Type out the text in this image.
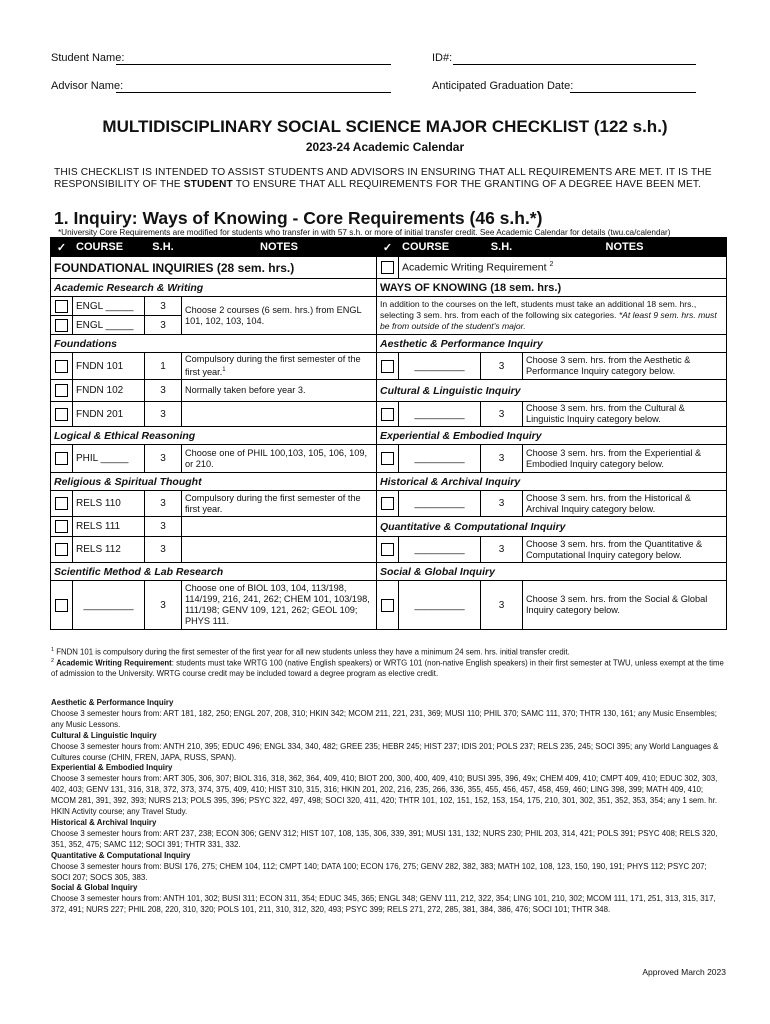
Student Name:	ID#:
Advisor Name:	Anticipated Graduation Date:
MULTIDISCIPLINARY SOCIAL SCIENCE MAJOR CHECKLIST (122 s.h.)
2023-24 Academic Calendar
THIS CHECKLIST IS INTENDED TO ASSIST STUDENTS AND ADVISORS IN ENSURING THAT ALL REQUIREMENTS ARE MET. IT IS THE RESPONSIBILITY OF THE STUDENT TO ENSURE THAT ALL REQUIREMENTS FOR THE GRANTING OF A DEGREE HAVE BEEN MET.
1. Inquiry: Ways of Knowing - Core Requirements (46 s.h.*)
*University Core Requirements are modified for students who transfer in with 57 s.h. or more of initial transfer credit. See Academic Calendar for details (twu.ca/calendar)
✓	COURSE	S.H.	NOTES	✓	COURSE	S.H.	NOTES
FOUNDATIONAL INQUIRIES (28 sem. hrs.)					Academic Writing Requirement $^2$
Academic Research & Writing				WAYS OF KNOWING (18 sem. hrs.)			
	ENGL _____	3	Choose 2 courses (6 sem. hrs.) from ENGL 101, 102, 103, 104.	In addition to the courses on the left, students must take an additional 18 sem. hrs., selecting 3 sem. hrs. from each of the following six categories. *At least 9 sem. hrs. must be from outside of the student's major.			
	ENGL _____	3					
Foundations				Aesthetic & Performance Inquiry			
	FNDN 101	1	Compulsory during the first semester of the first year.$^1$		_________	3	Choose 3 sem. hrs. from the Aesthetic & Performance Inquiry category below.
	FNDN 102	3	Normally taken before year 3.	Cultural & Linguistic Inquiry			
	FNDN 201	3			_________	3	Choose 3 sem. hrs. from the Cultural & Linguistic Inquiry category below.
Logical & Ethical Reasoning				Experiential & Embodied Inquiry			
	PHIL _____	3	Choose one of PHIL 100,103, 105, 106, 109, or 210.		_________	3	Choose 3 sem. hrs. from the Experiential & Embodied Inquiry category below.
Religious & Spiritual Thought				Historical & Archival Inquiry			
	RELS 110	3	Compulsory during the first semester of the first year.		_________	3	Choose 3 sem. hrs. from the Historical & Archival Inquiry category below.
	RELS 111	3		Quantitative & Computational Inquiry			
	RELS 112	3			_________	3	Choose 3 sem. hrs. from the Quantitative & Computational Inquiry category below.
Scientific Method & Lab Research				Social & Global Inquiry			
	_________	3	Choose one of BIOL 103, 104, 113/198, 114/199, 216, 241, 262; CHEM 101, 103/198, 111/198; GENV 109, 121, 262; GEOL 109; PHYS 111.		_________	3	Choose 3 sem. hrs. from the Social & Global Inquiry category below.
$^1$ FNDN 101 is compulsory during the first semester of the first year for all new students unless they have a minimum 24 sem. hrs. initial transfer credit.
$^2$ Academic Writing Requirement: students must take WRTG 100 (native English speakers) or WRTG 101 (non-native English speakers) in their first semester at TWU, unless exempt at the time of admission to the University. WRTG course credit may be included toward a degree program as elective credit.
Aesthetic & Performance Inquiry
Choose 3 semester hours from: ART 181, 182, 250; ENGL 207, 208, 310; HKIN 342; MCOM 211, 221, 231, 369; MUSI 110; PHIL 370; SAMC 111, 370; THTR 130, 161; any Music Ensembles; any Music Lessons.
Cultural & Linguistic Inquiry
Choose 3 semester hours from: ANTH 210, 395; EDUC 496; ENGL 334, 340, 482; GREE 235; HEBR 245; HIST 237; IDIS 201; POLS 237; RELS 235, 245; SOCI 395; any World Languages & Cultures course (CHIN, FREN, JAPA, RUSS, SPAN).
Experiential & Embodied Inquiry
Choose 3 semester hours from: ART 305, 306, 307; BIOL 316, 318, 362, 364, 409, 410; BIOT 200, 300, 400, 409, 410; BUSI 395, 396, 49x; CHEM 409, 410; CMPT 409, 410; EDUC 302, 303, 402, 403; GENV 131, 316, 318, 372, 373, 374, 375, 409, 410; HIST 310, 315, 316; HKIN 201, 202, 216, 235, 266, 336, 355, 455, 456, 457, 458, 459, 460; LING 398, 399; MATH 409, 410; MCOM 281, 391, 392, 393; NURS 213; POLS 395, 396; PSYC 322, 497, 498; SOCI 320, 411, 420; THTR 101, 102, 151, 152, 153, 154, 175, 210, 301, 302, 351, 352, 353, 354; any 1 sem. hr. HKIN Activity course; any Travel Study.
Historical & Archival Inquiry
Choose 3 semester hours from: ART 237, 238; ECON 306; GENV 312; HIST 107, 108, 135, 306, 339, 391; MUSI 131, 132; NURS 230; PHIL 203, 314, 421; POLS 391; PSYC 408; RELS 320, 351, 352, 475; SAMC 112; SOCI 391; THTR 331, 332.
Quantitative & Computational Inquiry
Choose 3 semester hours from: BUSI 176, 275; CHEM 104, 112; CMPT 140; DATA 100; ECON 176, 275; GENV 282, 382, 383; MATH 102, 108, 123, 150, 190, 191; PHYS 112; PSYC 207; SOCI 207; SOCS 305, 383.
Social & Global Inquiry
Choose 3 semester hours from: ANTH 101, 302; BUSI 311; ECON 311, 354; EDUC 345, 365; ENGL 348; GENV 111, 212, 322, 354; LING 101, 210, 302; MCOM 111, 171, 251, 313, 315, 317, 372, 491; NURS 227; PHIL 208, 220, 310, 320; POLS 101, 211, 310, 312, 320, 493; PSYC 399; RELS 271, 272, 285, 381, 384, 386, 476; SOCI 101; THTR 348.
Approved March 2023
